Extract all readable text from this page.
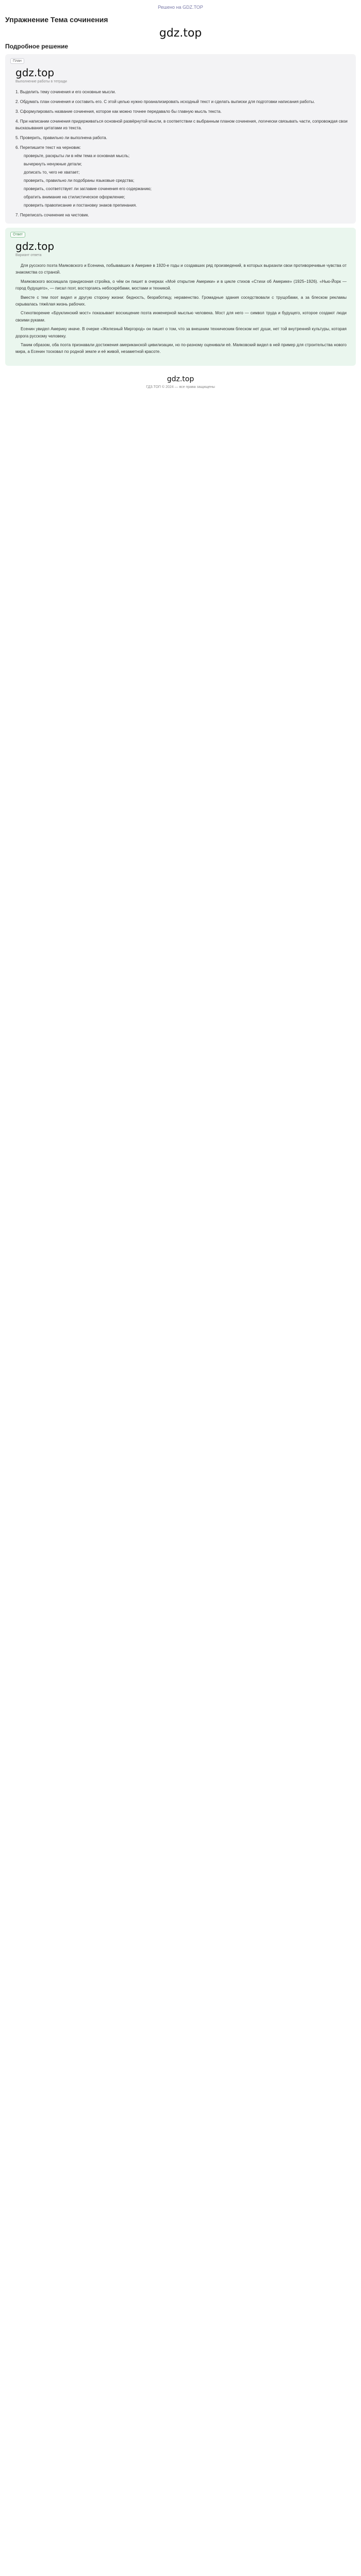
Решено на GDZ.TOP
Упражнение Тема сочинения
gdz.top
Подробное решение
План
gdz.top
Выполнение работы в тетради
1. Выделить тему сочинения и его основные мысли.
2. Обдумать план сочинения и составить его. С этой целью нужно проанализировать исходный текст и сделать выписки для подготовки написания работы.
3. Сформулировать название сочинения, которое как можно точнее передавало бы главную мысль текста.
4. При написании сочинения придерживаться основной развёрнутой мысли, в соответствии с выбранным планом сочинения, логически связывать части, сопровождая свои высказывания цитатами из текста.
5. Проверить, правильно ли выполнена работа.
6. Перепишите текст на черновик:
проверьте, раскрыты ли в нём тема и основная мысль;
вычеркнуть ненужные детали;
дописать то, чего не хватает;
проверить, правильно ли подобраны языковые средства;
проверить, соответствует ли заглавие сочинения его содержанию;
обратить внимание на стилистическое оформление;
проверить правописание и постановку знаков препинания.
7. Переписать сочинение на чистовик.
Ответ
gdz.top
Вариант ответа

Для русского поэта Маяковского и Есенина, побывавших в Америке в 1920-е годы и создавших ряд произведений, в которых выразили свои противоречивые чувства от знакомства со страной.

Маяковского восхищала грандиозная стройка, о чём он пишет в очерках «Моё открытие Америки» и в цикле стихов «Стихи об Америке» (1925–1926). «Нью-Йорк — город будущего», — писал поэт, восторгаясь небоскрёбами, мостами и техникой.

Вместе с тем поэт видел и другую сторону жизни: бедность, безработицу, неравенство. Громадные здания соседствовали с трущобами, а за блеском рекламы скрывалась тяжёлая жизнь рабочих.

Стихотворение «Бруклинский мост» показывает восхищение поэта инженерной мыслью человека. Мост для него — символ труда и будущего, которое создают люди своими руками.

Есенин увидел Америку иначе. В очерке «Железный Миргород» он пишет о том, что за внешним техническим блеском нет души, нет той внутренней культуры, которая дорога русскому человеку.

Таким образом, оба поэта признавали достижения американской цивилизации, но по-разному оценивали её. Маяковский видел в ней пример для строительства нового мира, а Есенин тосковал по родной земле и её живой, незаметной красоте.

gdz.top
ГДЗ.ТОП © 2024 — все права защищены
